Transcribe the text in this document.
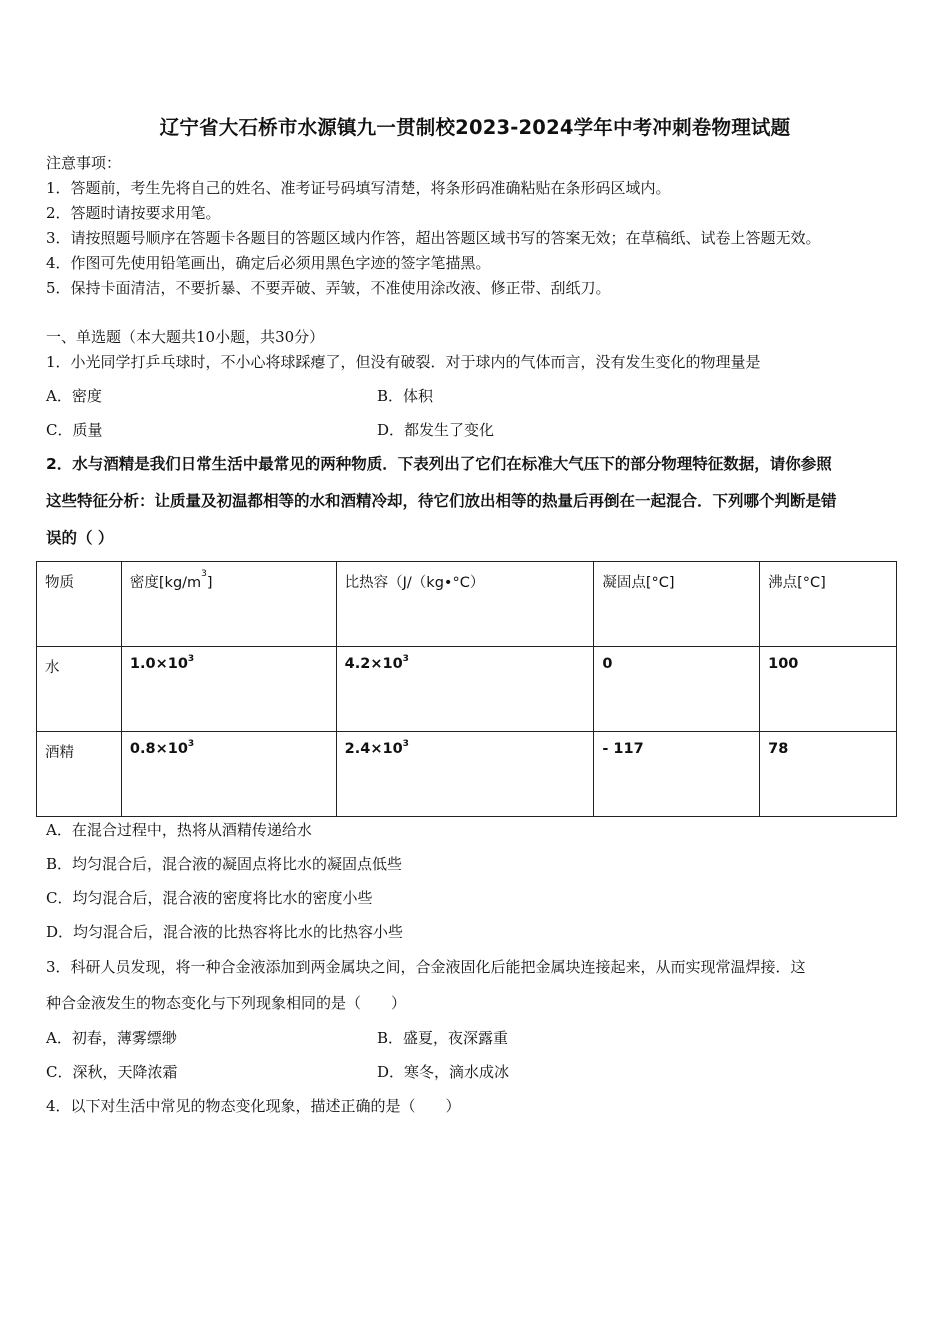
辽宁省大石桥市水源镇九一贯制校2023-2024学年中考冲刺卷物理试题
注意事项：
1．答题前，考生先将自己的姓名、准考证号码填写清楚，将条形码准确粘贴在条形码区域内。
2．答题时请按要求用笔。
3．请按照题号顺序在答题卡各题目的答题区域内作答，超出答题区域书写的答案无效；在草稿纸、试卷上答题无效。
4．作图可先使用铅笔画出，确定后必须用黑色字迹的签字笔描黑。
5．保持卡面清洁，不要折暴、不要弄破、弄皱，不准使用涂改液、修正带、刮纸刀。
一、单选题（本大题共10小题，共30分）
1．小光同学打乒乓球时，不小心将球踩瘪了，但没有破裂．对于球内的气体而言，没有发生变化的物理量是
A．密度	B．体积
C．质量	D．都发生了变化
2．水与酒精是我们日常生活中最常见的两种物质．下表列出了它们在标准大气压下的部分物理特征数据，请你参照
这些特征分析：让质量及初温都相等的水和酒精冷却，待它们放出相等的热量后再倒在一起混合．下列哪个判断是错
误的（ ）
物质	密度$[kg/m^3]$	比热容（J/（kg•°C）	凝固点[°C]	沸点[°C]
水	$1.0\times 10^3$	$4.2\times 10^3$	0	100
酒精	$0.8\times 10^3$	$2.4\times 10^3$	- 117	78
A．在混合过程中，热将从酒精传递给水
B．均匀混合后，混合液的凝固点将比水的凝固点低些
C．均匀混合后，混合液的密度将比水的密度小些
D．均匀混合后，混合液的比热容将比水的比热容小些
3．科研人员发现，将一种合金液添加到两金属块之间，合金液固化后能把金属块连接起来，从而实现常温焊接．这
种合金液发生的物态变化与下列现象相同的是（　　）
A．初春，薄雾缥缈	B．盛夏，夜深露重
C．深秋，天降浓霜	D．寒冬，滴水成冰
4．以下对生活中常见的物态变化现象，描述正确的是（　　）
